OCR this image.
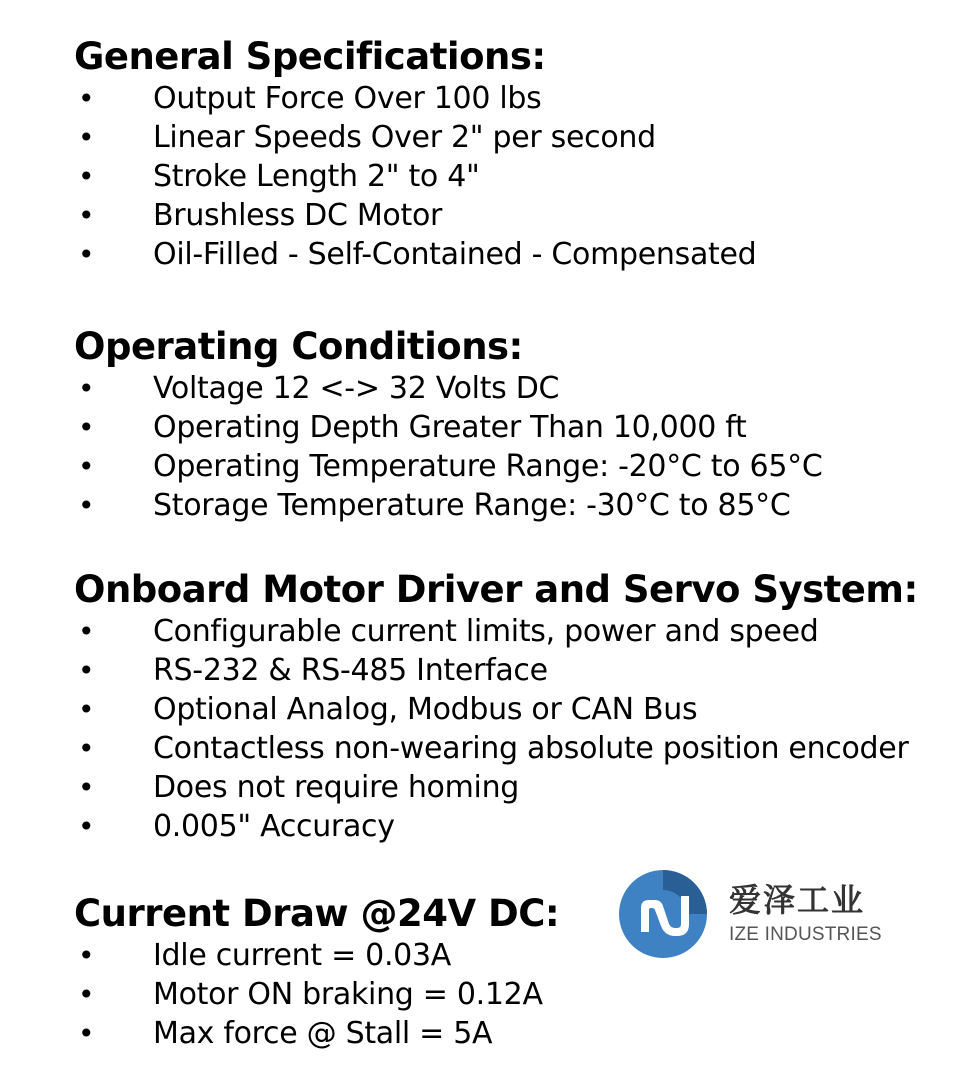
General Specifications:
• Output Force Over 100 lbs
• Linear Speeds Over 2" per second
• Stroke Length 2" to 4"
• Brushless DC Motor
• Oil-Filled - Self-Contained - Compensated
Operating Conditions:
• Voltage 12 <-> 32 Volts DC
• Operating Depth Greater Than 10,000 ft
• Operating Temperature Range: -20°C to 65°C
• Storage Temperature Range: -30°C to 85°C
Onboard Motor Driver and Servo System:
• Configurable current limits, power and speed
• RS-232 & RS-485 Interface
• Optional Analog, Modbus or CAN Bus
• Contactless non-wearing absolute position encoder
• Does not require homing
• 0.005" Accuracy
Current Draw @24V DC:
• Idle current = 0.03A
• Motor ON braking = 0.12A
• Max force @ Stall = 5A
爱泽工业
IZE INDUSTRIES
